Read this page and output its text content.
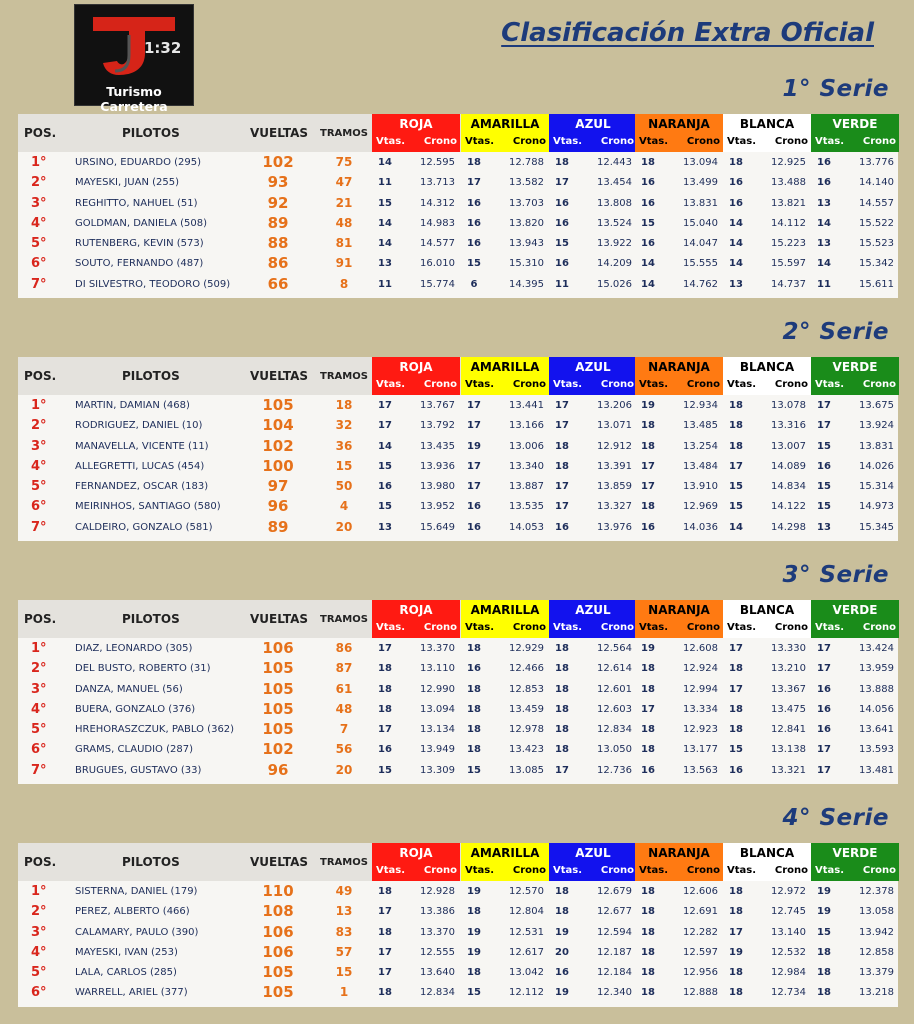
1:32
Turismo Carretera
Clasificación Extra Oficial
1° Serie
POS.	PILOTOS	VUELTAS TRAMOS
ROJA
Vtas. Crono
AMARILLA
Vtas. Crono
AZUL
Vtas. Crono
NARANJA
Vtas. Crono
BLANCA
Vtas. Crono
VERDE
Vtas. Crono
1°	URSINO, EDUARDO (295)	102	75	14	12.595	18	12.788	18	12.443 18	13.094	18	12.925	16	13.776
2°	MAYESKI, JUAN (255)	93	47	11	13.713	17	13.582	17	13.454 16	13.499	16	13.488	16	14.140
3°	REGHITTO, NAHUEL (51)	92	21	15	14.312	16	13.703	16	13.808 16	13.831	16	13.821	13	14.557
4°	GOLDMAN, DANIELA (508)	89	48	14	14.983	16	13.820	16	13.524 15	15.040	14	14.112	14	15.522
5°	RUTENBERG, KEVIN (573)	88	81	14	14.577	16	13.943	15	13.922 16	14.047	14	15.223	13	15.523
6°	SOUTO, FERNANDO (487)	86	91	13	16.010	15	15.310	16	14.209 14	15.555	14	15.597	14	15.342
7°	DI SILVESTRO, TEODORO (509)	66	8	11	15.774	6	14.395	11	15.026 14	14.762	13	14.737	11	15.611
2° Serie
POS.	PILOTOS	VUELTAS TRAMOS
ROJA
Vtas. Crono
AMARILLA
Vtas. Crono
AZUL
Vtas. Crono
NARANJA
Vtas. Crono
BLANCA
Vtas. Crono
VERDE
Vtas. Crono
1°	MARTIN, DAMIAN (468)	105	18	17	13.767	17	13.441	17	13.206 19	12.934	18	13.078	17	13.675
2°	RODRIGUEZ, DANIEL (10)	104	32	17	13.792	17	13.166	17	13.071 18	13.485	18	13.316	17	13.924
3°	MANAVELLA, VICENTE (11)	102	36	14	13.435	19	13.006	18	12.912 18	13.254	18	13.007	15	13.831
4°	ALLEGRETTI, LUCAS (454)	100	15	15	13.936	17	13.340	18	13.391 17	13.484	17	14.089	16	14.026
5°	FERNANDEZ, OSCAR (183)	97	50	16	13.980	17	13.887	17	13.859 17	13.910	15	14.834	15	15.314
6°	MEIRINHOS, SANTIAGO (580)	96	4	15	13.952	16	13.535	17	13.327 18	12.969	15	14.122	15	14.973
7°	CALDEIRO, GONZALO (581)	89	20	13	15.649	16	14.053	16	13.976 16	14.036	14	14.298	13	15.345
3° Serie
POS.	PILOTOS	VUELTAS TRAMOS
ROJA
Vtas. Crono
AMARILLA
Vtas. Crono
AZUL
Vtas. Crono
NARANJA
Vtas. Crono
BLANCA
Vtas. Crono
VERDE
Vtas. Crono
1°	DIAZ, LEONARDO (305)	106	86	17	13.370	18	12.929	18	12.564 19	12.608	17	13.330	17	13.424
2°	DEL BUSTO, ROBERTO (31)	105	87	18	13.110	16	12.466	18	12.614 18	12.924	18	13.210	17	13.959
3°	DANZA, MANUEL (56)	105	61	18	12.990	18	12.853	18	12.601 18	12.994	17	13.367	16	13.888
4°	BUERA, GONZALO (376)	105	48	18	13.094	18	13.459	18	12.603 17	13.334	18	13.475	16	14.056
5°	HREHORASZCZUK, PABLO (362)	105	7	17	13.134	18	12.978	18	12.834 18	12.923	18	12.841	16	13.641
6°	GRAMS, CLAUDIO (287)	102	56	16	13.949	18	13.423	18	13.050 18	13.177	15	13.138	17	13.593
7°	BRUGUES, GUSTAVO (33)	96	20	15	13.309	15	13.085	17	12.736 16	13.563	16	13.321	17	13.481
4° Serie
POS.	PILOTOS	VUELTAS TRAMOS
ROJA
Vtas. Crono
AMARILLA
Vtas. Crono
AZUL
Vtas. Crono
NARANJA
Vtas. Crono
BLANCA
Vtas. Crono
VERDE
Vtas. Crono
1°	SISTERNA, DANIEL (179)	110	49	18	12.928	19	12.570	18	12.679 18	12.606	18	12.972	19	12.378
2°	PEREZ, ALBERTO (466)	108	13	17	13.386	18	12.804	18	12.677 18	12.691	18	12.745	19	13.058
3°	CALAMARY, PAULO (390)	106	83	18	13.370	19	12.531	19	12.594 18	12.282	17	13.140	15	13.942
4°	MAYESKI, IVAN (253)	106	57	17	12.555	19	12.617	20	12.187 18	12.597	19	12.532	18	12.858
5°	LALA, CARLOS (285)	105	15	17	13.640	18	13.042	16	12.184 18	12.956	18	12.984	18	13.379
6°	WARRELL, ARIEL (377)	105	1	18	12.834	15	12.112	19	12.340 18	12.888	18	12.734	18	13.218
